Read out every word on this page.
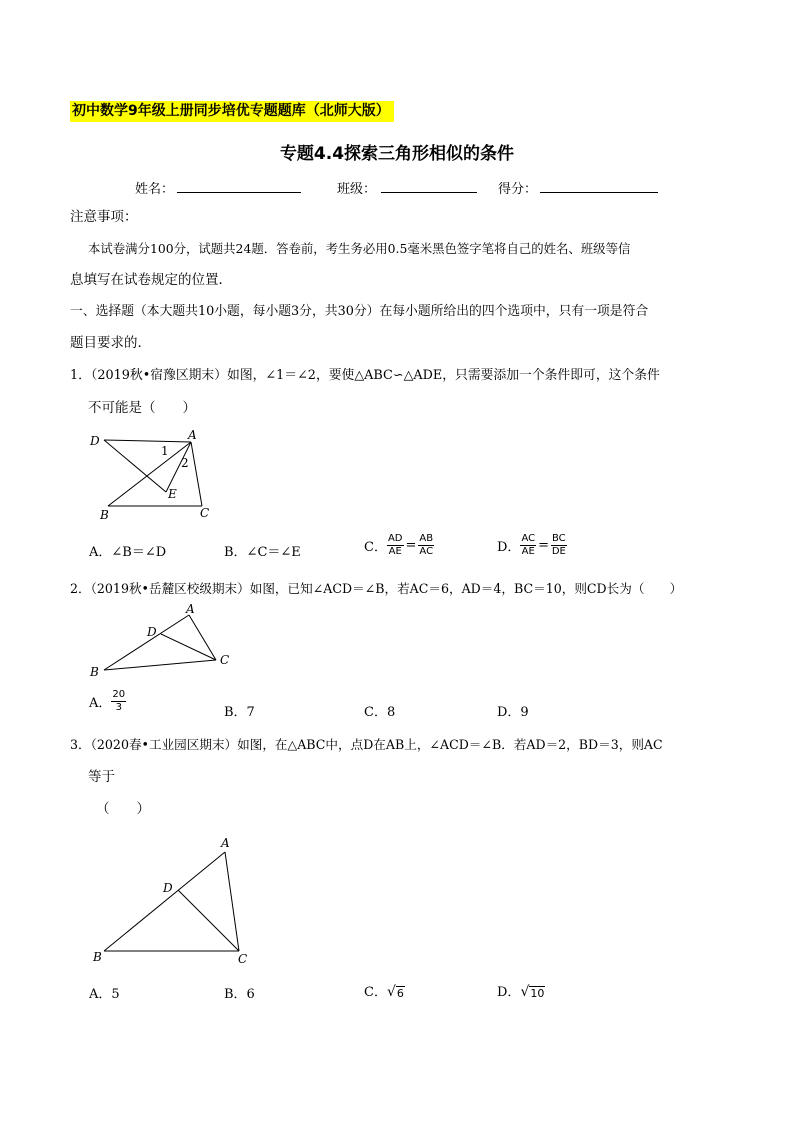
初中数学9年级上册同步培优专题题库（北师大版）
专题4.4探索三角形相似的条件
姓名：	班级：	得分：
注意事项：
本试卷满分100分，试题共24题．答卷前，考生务必用0.5毫米黑色签字笔将自己的姓名、班级等信
息填写在试卷规定的位置．
一、选择题（本大题共10小题，每小题3分，共30分）在每小题所给出的四个选项中，只有一项是符合
题目要求的．
1．（2019秋•宿豫区期末）如图，∠1＝∠2，要使△ABC∽△ADE，只需要添加一个条件即可，这个条件
不可能是（　　）
D	A
1
2
E
B	C
A．∠B＝∠D	B．∠C＝∠E	C． $\frac{AD}{AE} = \frac{AB}{AC}$	D． $\frac{AC}{AE} = \frac{BC}{DE}$
2．（2019秋•岳麓区校级期末）如图，已知∠ACD＝∠B，若AC＝6，AD＝4，BC＝10，则CD长为（　　）
A
D
C
B
A． $\frac{20}{3}$	B．7	C．8	D．9
3．（2020春•工业园区期末）如图，在△ABC中，点D在AB上，∠ACD＝∠B．若AD＝2，BD＝3，则AC
等于
（　　）
A
D
B	C
A．5	B．6	C． √ 6	D． √ 10
